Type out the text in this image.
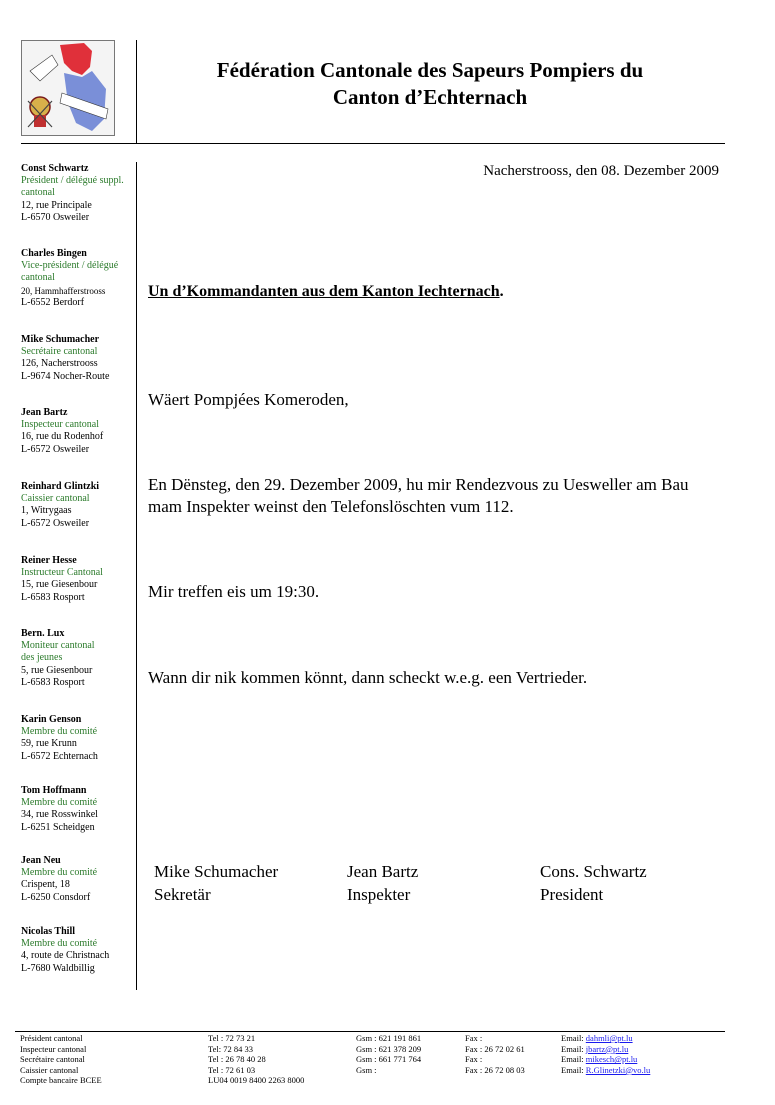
Fédération Cantonale des Sapeurs Pompiers du
Canton d’Echternach
Const Schwartz
Président / délégué suppl.
cantonal
12, rue Principale
L-6570 Osweiler
Charles Bingen
Vice-président / délégué
cantonal
20, Hammhafferstrooss
L-6552 Berdorf
Mike Schumacher
Secrétaire cantonal
126, Nacherstrooss
L-9674 Nocher-Route
Jean Bartz
Inspecteur cantonal
16, rue du Rodenhof
L-6572 Osweiler
Reinhard Glintzki
Caissier cantonal
1, Witrygaas
L-6572 Osweiler
Reiner Hesse
Instructeur Cantonal
15, rue Giesenbour
L-6583 Rosport
Bern. Lux
Moniteur cantonal
des jeunes
5, rue Giesenbour
L-6583 Rosport
Karin Genson
Membre du comité
59, rue Krunn
L-6572 Echternach
Tom Hoffmann
Membre du comité
34, rue Rosswinkel
L-6251 Scheidgen
Jean Neu
Membre du comité
Crispent, 18
L-6250 Consdorf
Nicolas Thill
Membre du comité
4, route de Christnach
L-7680 Waldbillig
Nacherstrooss, den 08. Dezember 2009
Un d’Kommandanten aus dem Kanton Iechternach.
Wäert Pompjées Komeroden,
En Dënsteg, den 29. Dezember 2009, hu mir Rendezvous zu Uesweller am Bau mam Inspekter weinst den Telefonslöschten vum 112.
Mir treffen eis um 19:30.
Wann dir nik kommen könnt, dann scheckt w.e.g. een Vertrieder.
Mike Schumacher
Sekretär
Jean Bartz
Inspekter
Cons. Schwartz
President
Président cantonal
Inspecteur cantonal
Secrétaire cantonal
Caissier cantonal
Compte bancaire BCEE
Tel : 72 73 21
Tel: 72 84 33
Tel : 26 78 40 28
Tel : 72 61 03
LU04 0019 8400 2263 8000
Gsm : 621 191 861
Gsm : 621 378 209
Gsm : 661 771 764
Gsm :
Fax :
Fax : 26 72 02 61
Fax :
Fax : 26 72 08 03
Email: dahmli@pt.lu
Email: jbartz@pt.lu
Email: mikesch@pt.lu
Email: R.Glinetzki@vo.lu
